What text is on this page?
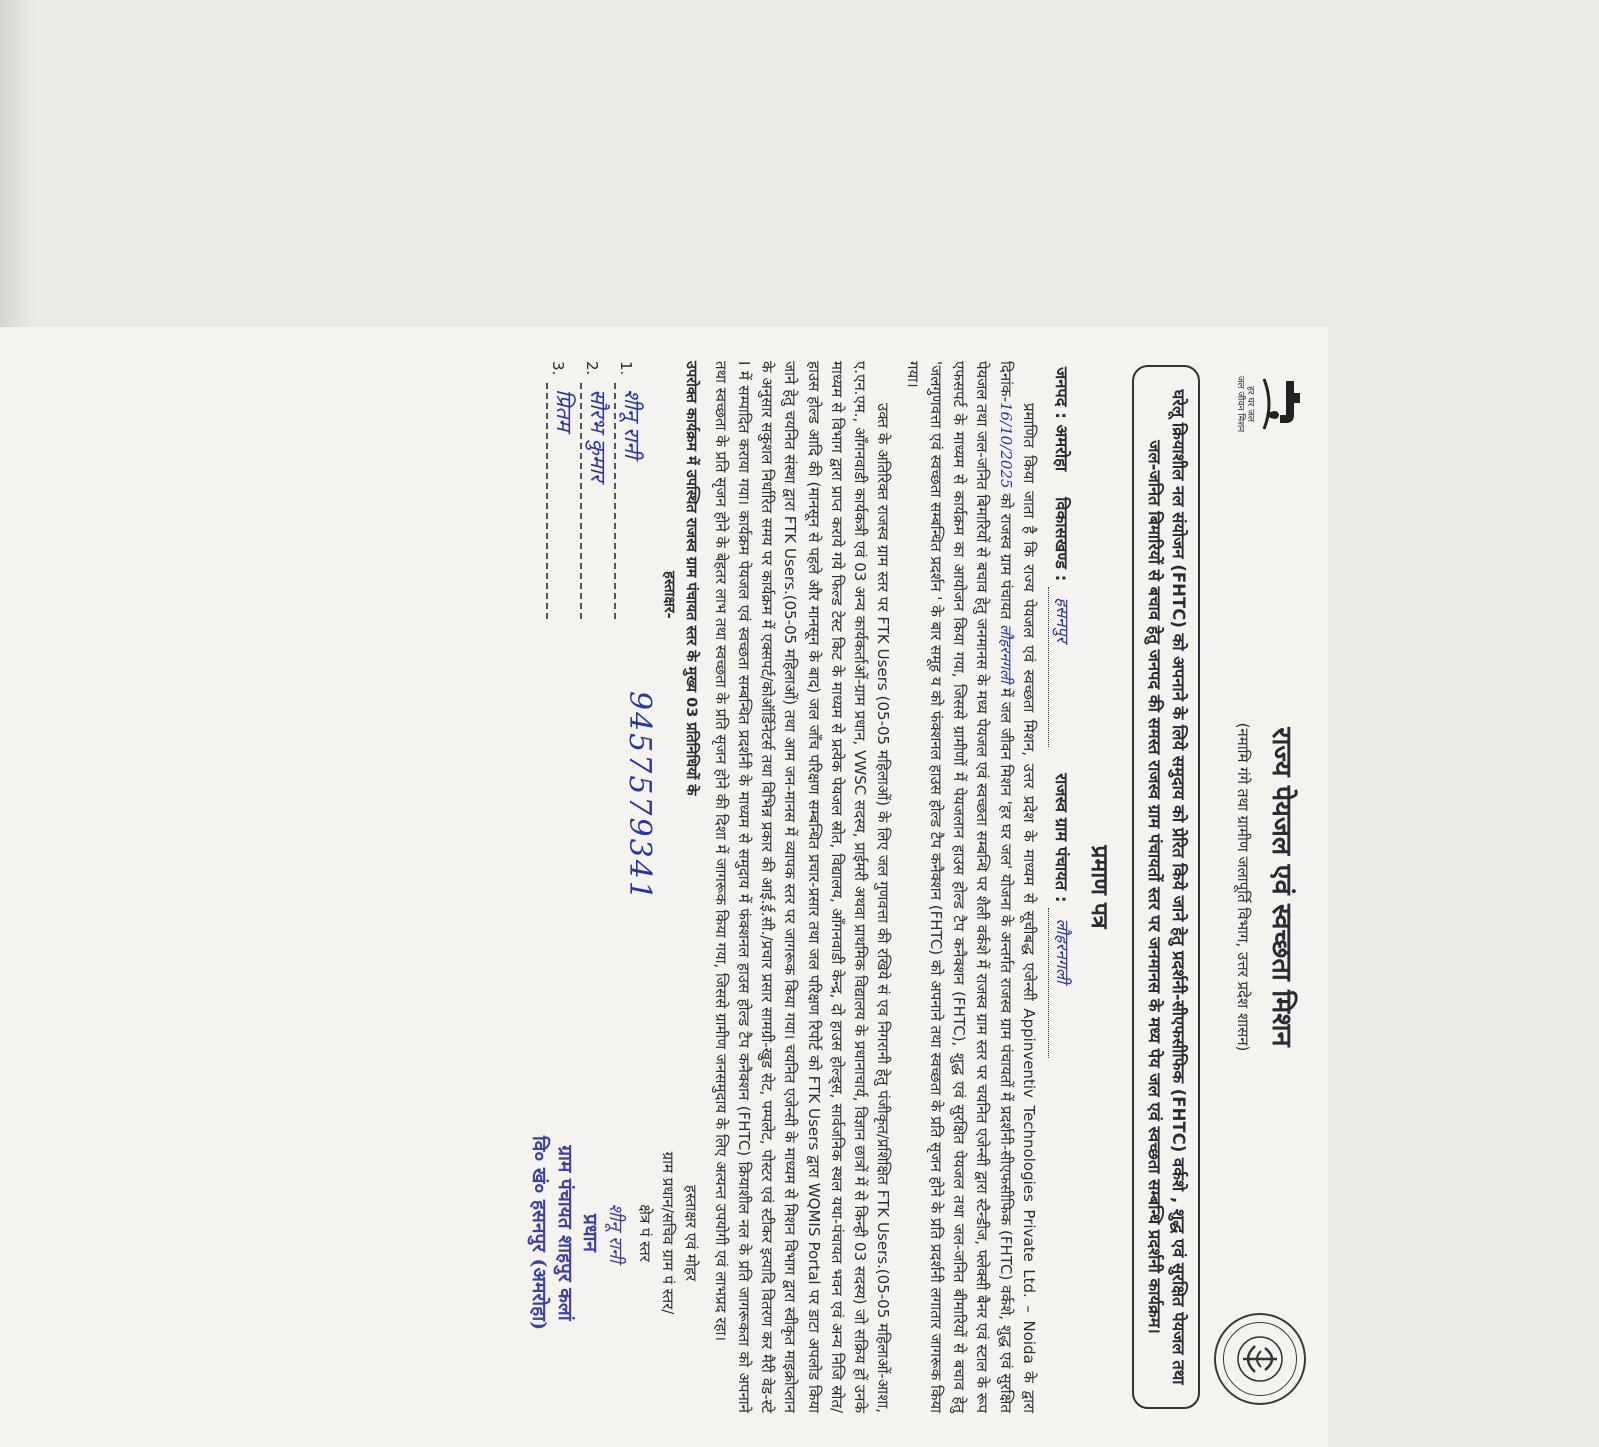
हर घर जल
जल जीवन मिशन

राज्य पेयजल एवं स्वच्छता मिशन

(नमामि गंगे तथा ग्रामीण जलापूर्ति विभाग, उत्तर प्रदेश शासन)

घरेलू क्रियाशील नल संयोजन (FHTC) को अपनाने के लिये समुदाय को प्रेरित किये जाने हेतु प्रदर्शनी-सीएफसीफिक (FHTC) वर्कशे , शुद्ध एवं सुरक्षित पेयजल तथा जल-जनित बिमारियों से बचाव हेतु जनपद की समस्त राजस्व ग्राम पंचायतों स्तर पर जनमानस के मध्य पेय जल एवं स्वच्छता सम्बन्धि प्रदर्शनी कार्यक्रम।
प्रमाण पत्र
जनपद : अमरोहा
विकासखण्ड :
हसनपुर
राजस्व ग्राम पंचायत :
लौहरनगली

प्रमाणित किया जाता है कि राज्य पेयजल एवं स्वच्छता मिशन, उत्तर प्रदेश के माध्यम से सूचीबद्ध एजेन्सी Appinventiv Technologies Private Ltd. – Noida के द्वारा दिनांक-16/10/2025 को राजस्व ग्राम पंचायत लौहरनगली में जल जीवन मिशन 'हर घर जल' योजना के अन्तर्गत राजस्व ग्राम पंचायतों में प्रदर्शनी-सीएफसीफिक (FHTC) वर्कशे, शुद्ध एवं सुरक्षित पेयजल तथा जल-जनित बिमारियों से बचाव हेतु जनमानस के मध्य पेयजल एवं स्वच्छता सम्बन्धि पर शैली वर्कशे में राजस्व ग्राम स्तर पर चयनित एजेन्सी द्वारा स्टैन्डीज, फ्लेक्सी बैनर एवं स्टाल के रूप एफसपर्ट के माध्यम से कार्यक्रम का आयोजन किया गया, जिससे ग्रामीणों में पेयजलान हाउस होल्ड टैप कनैक्शन (FHTC), शुद्ध एवं सुरक्षित पेयजल तथा जल-जनित बीमारियों से बचाव हेतु 'जलगुणवत्ता एवं स्वच्छता सम्बन्धित प्रदर्शन ' के बार समूह य को फंक्शनल हाउस होल्ड टैप कनैक्शन (FHTC) को अपनाने तथा स्वच्छता के प्रति सृजन होने के प्रति प्रदर्शनी लगातार जागरूक किया गया।

उक्त के अतिरिक्त राजस्व ग्राम स्तर पर FTK Users (05-05 महिलाओं) के लिए जल गुणवत्ता की रखिये सं एव निगरानी हेतु पंजीकृत/प्रशिक्षित FTK Users.(05-05 महिलाओं-आशा, ए.एन.एम., आँगनवाडी कार्यकत्री एवं 03 अन्य कार्यकर्ताओं-ग्राम प्रधान, VWSC सदस्य, प्राईमरी अथवा प्राथमिक विद्यालय के प्रधानाचार्य, विज्ञान छात्रों में से किन्ही 03 सदस्य) जो सक्रिय हों उनके माध्यम से विभाग द्वारा प्राप्त कराये गये फिल्ड टेस्ट किट के माध्यम से प्रत्येक पेयजल स्रोत, विद्यालय, आँगनवाडी केन्द्र, दो हाउस होल्ड्स, सार्वजनिक स्थल यथा-पंचायत भवन एवं अन्य निजि स्रोत/हाउस होल्ड आदि की (मानसून से पहले और मानसून के बाद) जल जाँच परिक्षण सम्बन्धित प्रचार-प्रसार तथा जल परिक्षण रिपोर्ट को FTK Users द्वारा WQMIS Portal पर डाटा अपलोड किया जाने हेतु चयनित संस्था द्वारा FTK Users.(05-05 महिलाओं) तथा आम जन-मानस में व्यापक स्तर पर जागरूक किया गया। चयनित एजेन्सी के माध्यम से मिशन विभाग द्वारा स्वीकृत माइक्रोप्लान के अनुसार सकुशल निर्धारित समय पर कार्यक्रम में एक्सपर्ट/कोऑर्डिनेटर्स तथा विभिन्न प्रकार की आई.ई.सी./प्रचार प्रसार सामग्री-खुड सेट, पम्पलेट, पोस्टर एवं स्टीकर इत्यादि वितरण कर मैरी वेड-स्टे I में सम्पादित कराया गया। कार्यक्रम पेयजल एवं स्वच्छता सम्बन्धित प्रदर्शनी के माध्यम से समुदाय में फंक्शनल हाउस होल्ड टैप कनैक्शन (FHTC) क्रियाशील नल के प्रति जागरूकता को अपनाने तथा स्वच्छता के प्रति सृजन होने के बेहतर लाभ तथा स्वच्छता के प्रति सृजन होने की दिशा में जागरूक किया गया, जिससे ग्रामीण जनसमुदाय के लिए अत्यन्त उपयोगी एवं लाभप्रद रहा।

उपरोक्त कार्यक्रम में उपस्थित राजस्व ग्राम पंचायत स्तर के मुख्य 03 प्रतिनिधियों के

हस्ताक्षर-

1.
शीनू रानी
2.
सौरभ कुमार
3.
प्रितम
9457579341

हस्ताक्षर एवं मोहर

ग्राम प्रधान/सचिव ग्राम पं स्तर/

क्षेत्र पं स्तर

शीनू रानी
प्रधान
ग्राम पंचायत शाहपुर कलां
वि० खं० हसनपुर (अमरोहा)
